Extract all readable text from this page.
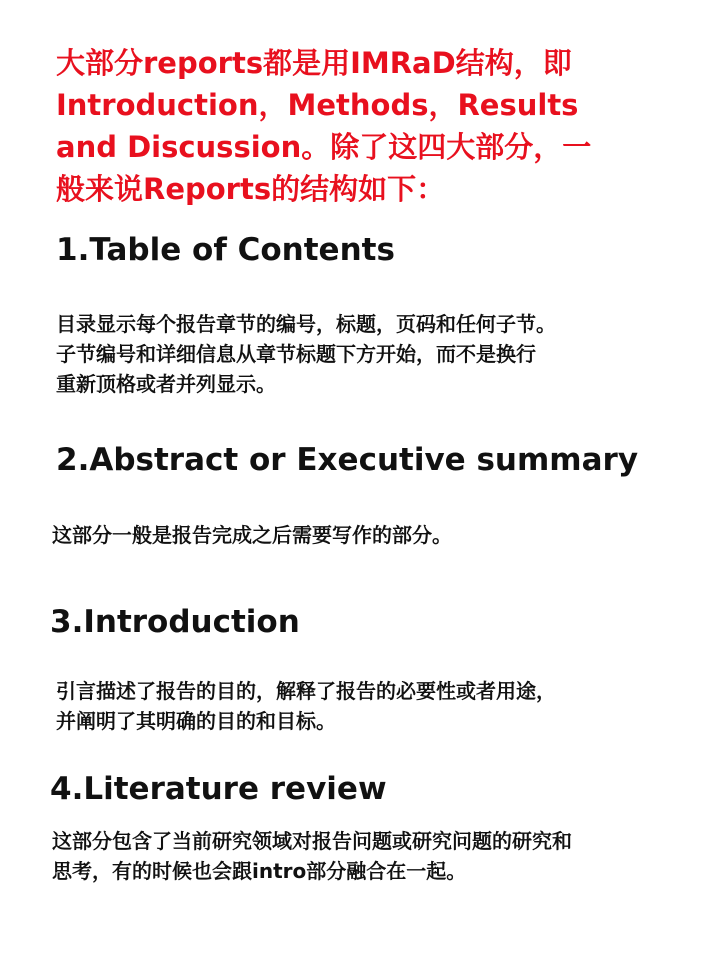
大部分reports都是用IMRaD结构，即
Introduction，Methods，Results
and Discussion。除了这四大部分，一
般来说Reports的结构如下：

1.Table of Contents

目录显示每个报告章节的编号，标题，页码和任何子节。
子节编号和详细信息从章节标题下方开始，而不是换行
重新顶格或者并列显示。

2.Abstract or Executive summary

这部分一般是报告完成之后需要写作的部分。

3.Introduction

引言描述了报告的目的，解释了报告的必要性或者用途，
并阐明了其明确的目的和目标。

4.Literature review

这部分包含了当前研究领域对报告问题或研究问题的研究和
思考，有的时候也会跟intro部分融合在一起。
